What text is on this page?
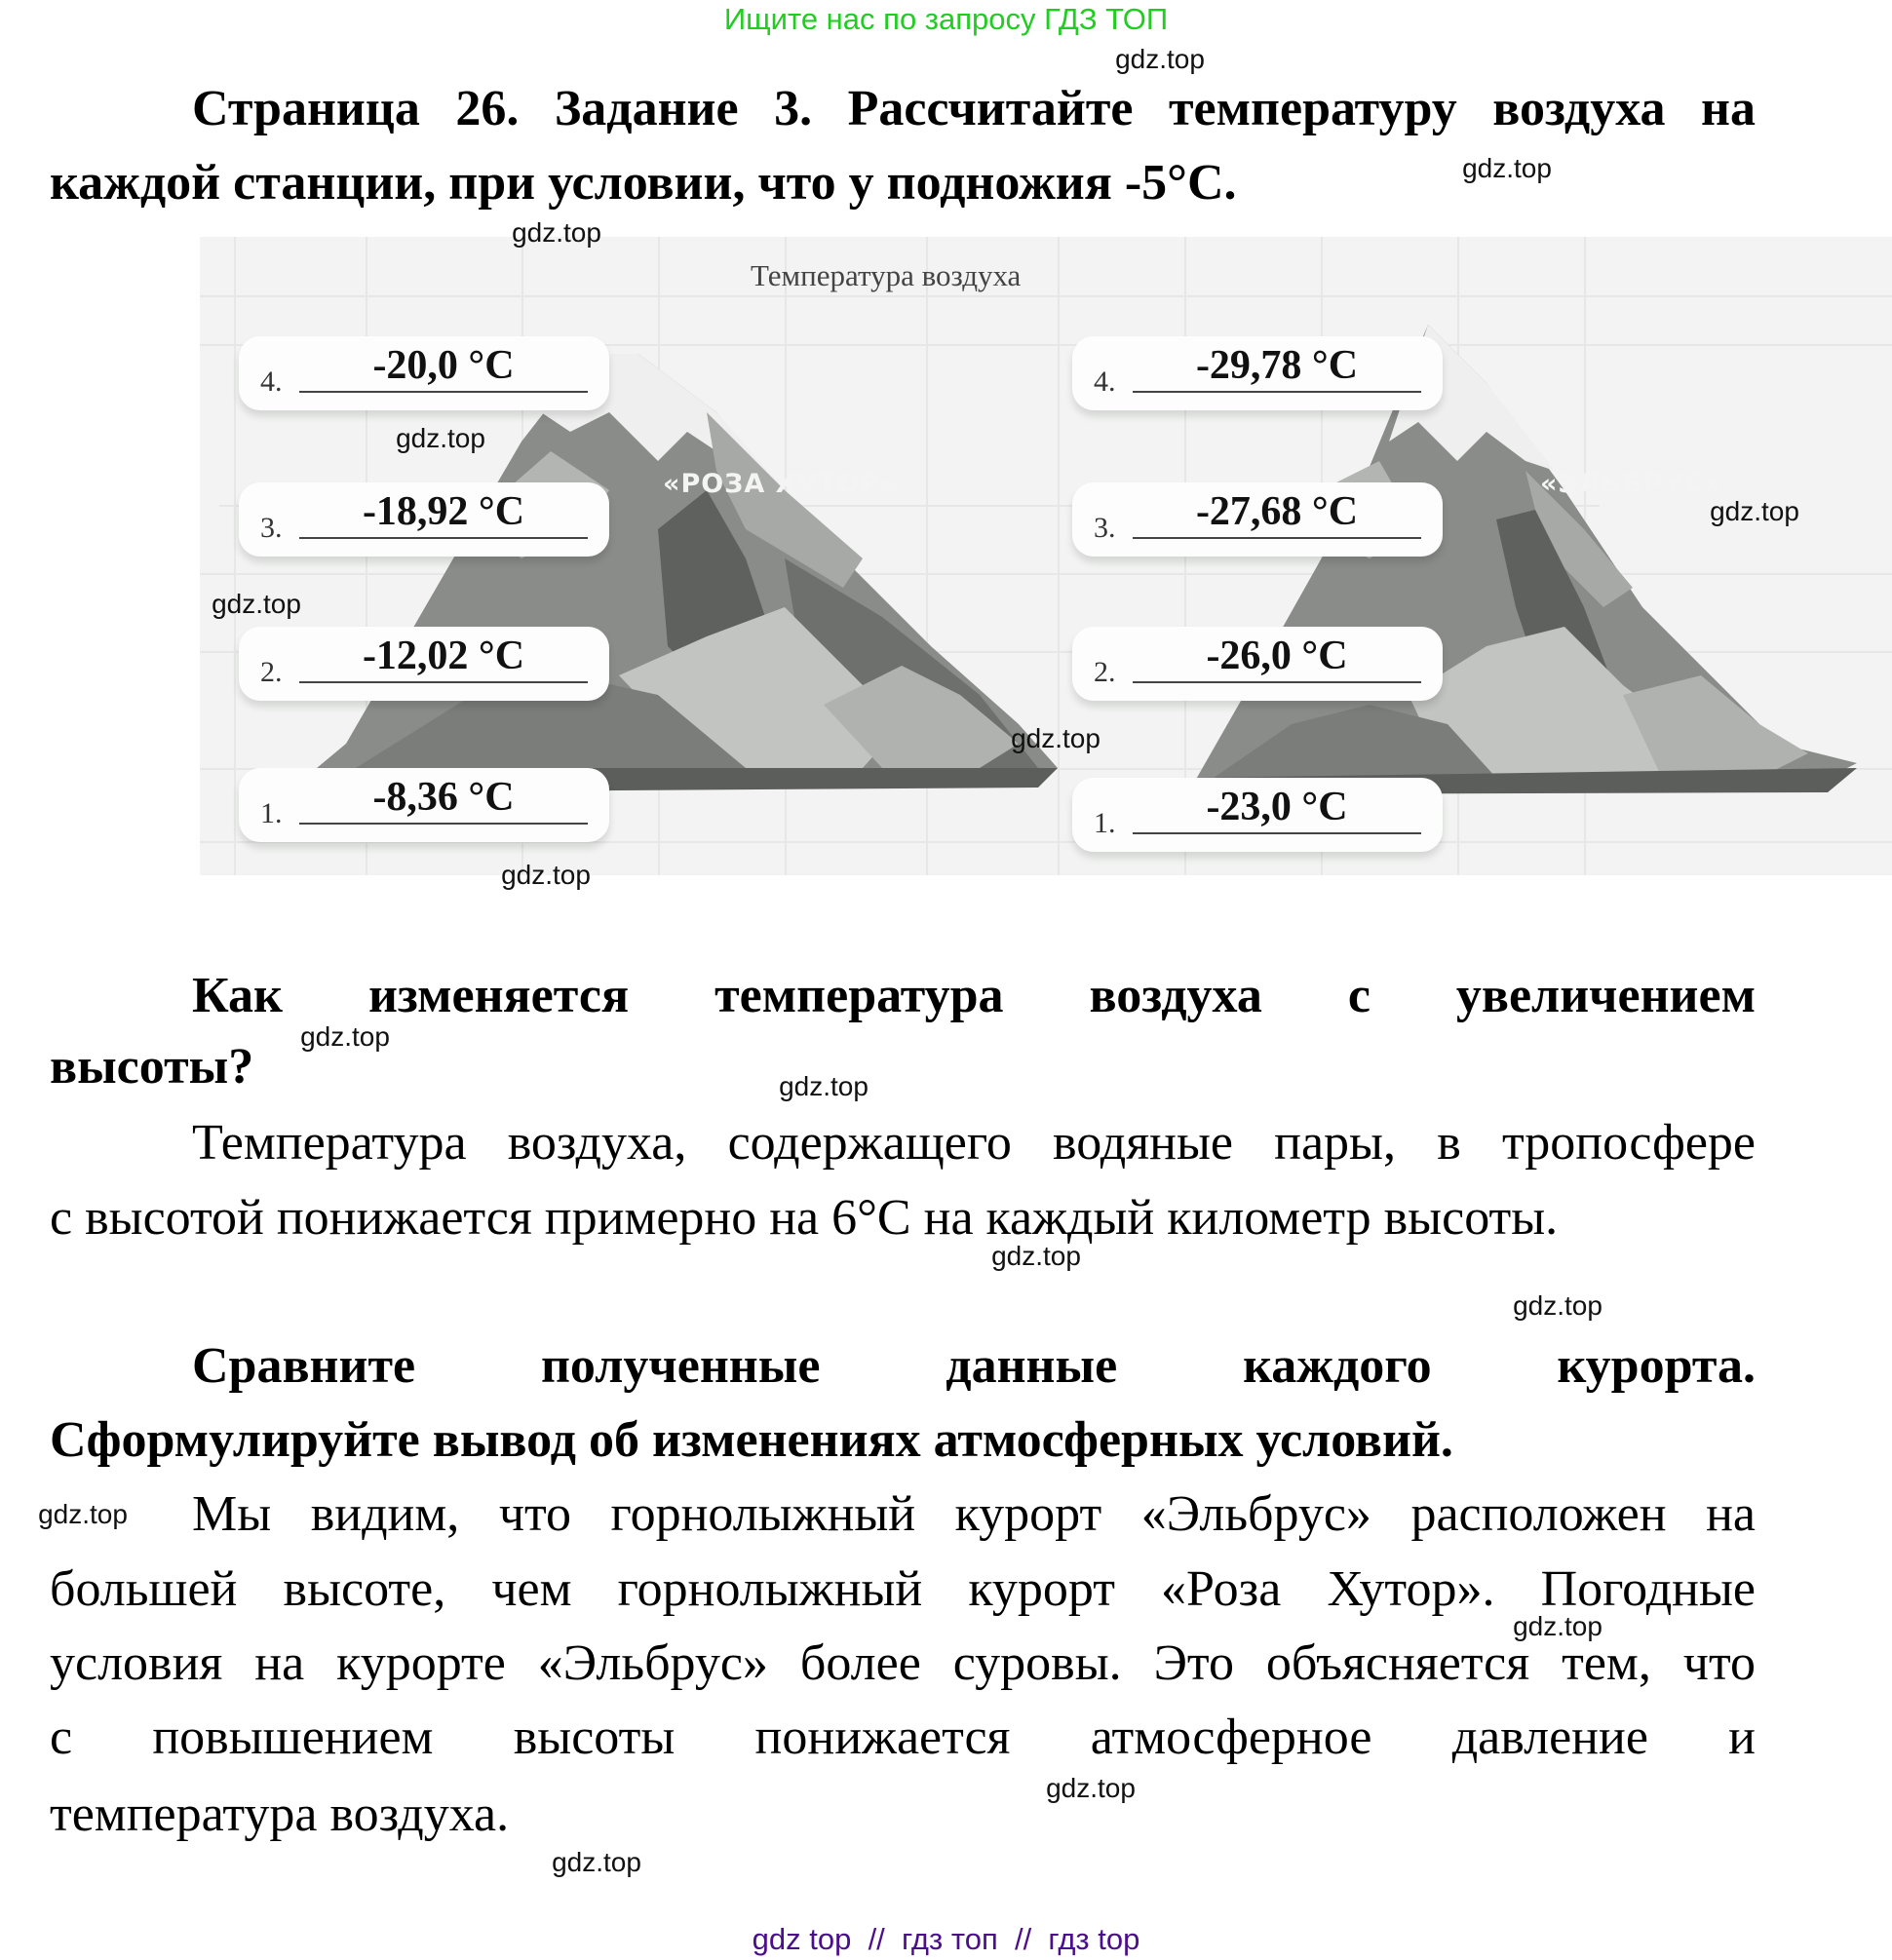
Ищите нас по запросу ГДЗ ТОП
Страница 26. Задание 3. Рассчитайте температуру воздуха на
каждой станции, при условии, что у подножия -5°C.
Температура воздуха
«РОЗА ХУТОР»	«ЭЛЬБРУС»
4.	-20,0 °C
3.	-18,92 °C
2.	-12,02 °C
1.	-8,36 °C
4.	-29,78 °C
3.	-27,68 °C
2.	-26,0 °C
1.	-23,0 °C
Как изменяется температура воздуха с увеличением
высоты?
Температура воздуха, содержащего водяные пары, в тропосфере
с высотой понижается примерно на 6°C на каждый километр высоты.
Сравните полученные данные каждого курорта.
Сформулируйте вывод об изменениях атмосферных условий.
Мы видим, что горнолыжный курорт «Эльбрус» расположен на
большей высоте, чем горнолыжный курорт «Роза Хутор». Погодные
условия на курорте «Эльбрус» более суровы. Это объясняется тем, что
с повышением высоты понижается атмосферное давление и
температура воздуха.
gdz.top
gdz.top
gdz.top
gdz.top
gdz.top
gdz.top
gdz.top
gdz.top
gdz.top
gdz.top
gdz.top
gdz.top
gdz.top
gdz.top
gdz.top
gdz.top
gdz top  //  гдз топ  //  гдз top
